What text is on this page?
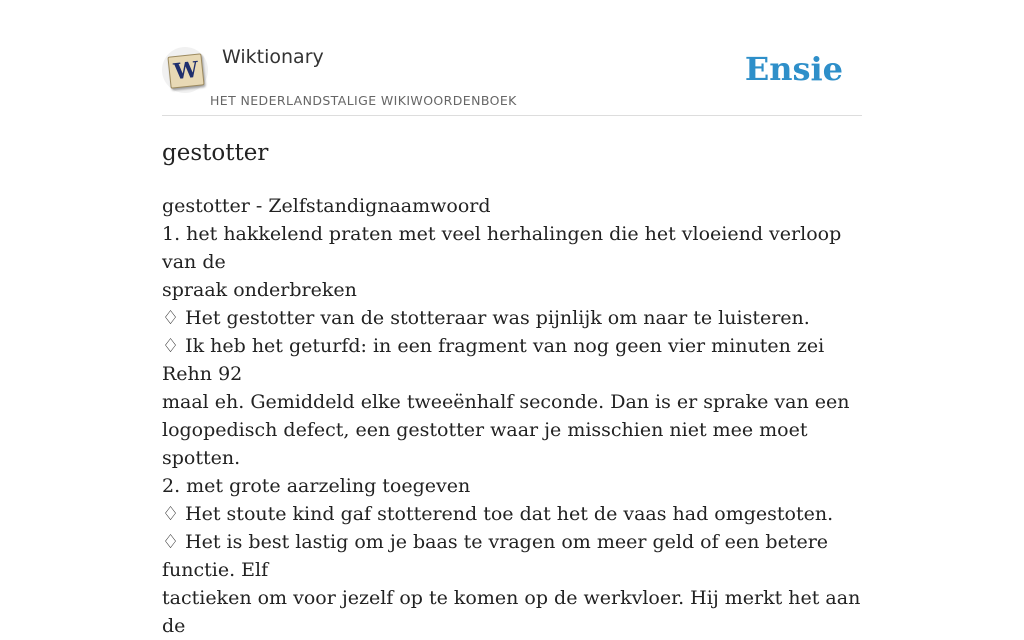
W Wiktionary
HET NEDERLANDSTALIGE WIKIWOORDENBOEK
Ensie
gestotter
gestotter - Zelfstandignaamwoord
1. het hakkelend praten met veel herhalingen die het vloeiend verloop van de
spraak onderbreken
♢ Het gestotter van de stotteraar was pijnlijk om naar te luisteren.
♢ Ik heb het geturfd: in een fragment van nog geen vier minuten zei Rehn 92
maal eh. Gemiddeld elke tweeënhalf seconde. Dan is er sprake van een
logopedisch defect, een gestotter waar je misschien niet mee moet spotten.
2. met grote aarzeling toegeven
♢ Het stoute kind gaf stotterend toe dat het de vaas had omgestoten.
♢ Het is best lastig om je baas te vragen om meer geld of een betere functie. Elf
tactieken om voor jezelf op te komen op de werkvloer. Hij merkt het aan de
